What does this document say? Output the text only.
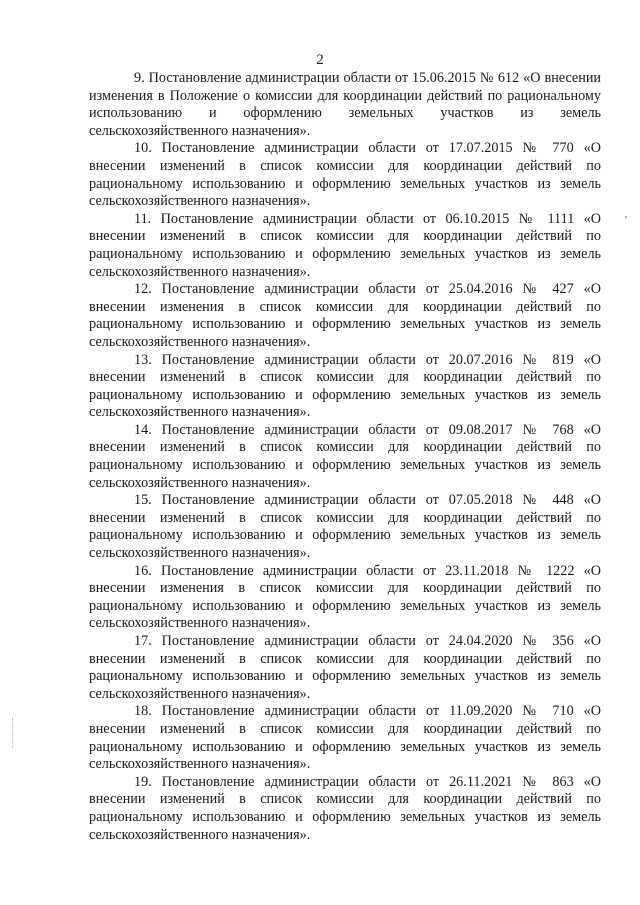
2

9. Постановление администрации области от 15.06.2015 № 612 «О внесении изменения в Положение о комиссии для координации действий по рациональному использованию и оформлению земельных участков из земель сельскохозяйственного назначения».

10. Постановление администрации области от 17.07.2015 № 770 «О внесении изменений в список комиссии для координации действий по рациональному использованию и оформлению земельных участков из земель сельскохозяйственного назначения».

11. Постановление администрации области от 06.10.2015 № 1111 «О внесении изменений в список комиссии для координации действий по рациональному использованию и оформлению земельных участков из земель сельскохозяйственного назначения».

12. Постановление администрации области от 25.04.2016 № 427 «О внесении изменения в список комиссии для координации действий по рациональному использованию и оформлению земельных участков из земель сельскохозяйственного назначения».

13. Постановление администрации области от 20.07.2016 № 819 «О внесении изменений в список комиссии для координации действий по рациональному использованию и оформлению земельных участков из земель сельскохозяйственного назначения».

14. Постановление администрации области от 09.08.2017 № 768 «О внесении изменений в список комиссии для координации действий по рациональному использованию и оформлению земельных участков из земель сельскохозяйственного назначения».

15. Постановление администрации области от 07.05.2018 № 448 «О внесении изменений в список комиссии для координации действий по рациональному использованию и оформлению земельных участков из земель сельскохозяйственного назначения».

16. Постановление администрации области от 23.11.2018 № 1222 «О внесении изменения в список комиссии для координации действий по рациональному использованию и оформлению земельных участков из земель сельскохозяйственного назначения».

17. Постановление администрации области от 24.04.2020 № 356 «О внесении изменений в список комиссии для координации действий по рациональному использованию и оформлению земельных участков из земель сельскохозяйственного назначения».

18. Постановление администрации области от 11.09.2020 № 710 «О внесении изменений в список комиссии для координации действий по рациональному использованию и оформлению земельных участков из земель сельскохозяйственного назначения».

19. Постановление администрации области от 26.11.2021 № 863 «О внесении изменений в список комиссии для координации действий по рациональному использованию и оформлению земельных участков из земель сельскохозяйственного назначения».
